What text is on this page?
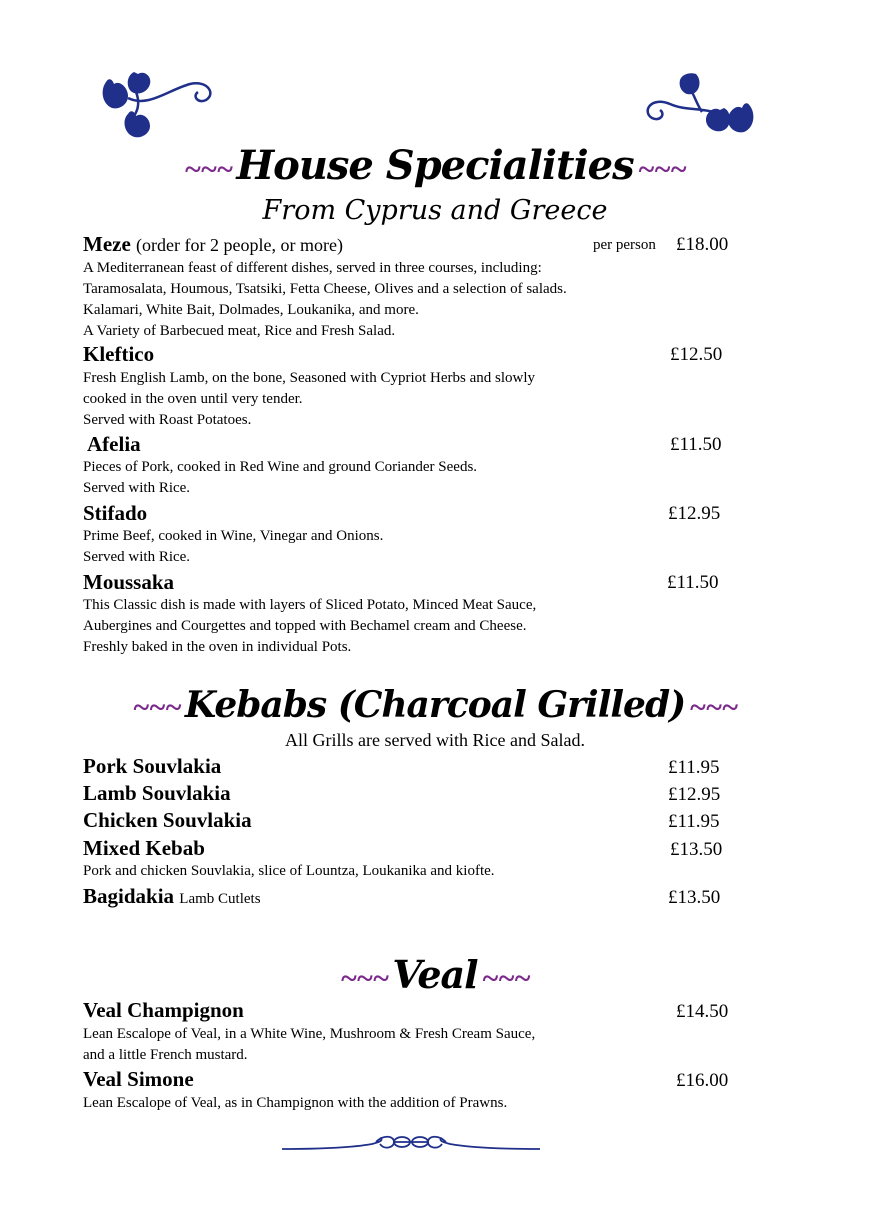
~~~ House Specialities ~~~
From Cyprus and Greece
Meze (order for 2 people, or more)	per person £18.00
A Mediterranean feast of different dishes, served in three courses, including:
Taramosalata, Houmous, Tsatsiki, Fetta Cheese, Olives and a selection of salads.
Kalamari, White Bait, Dolmades, Loukanika, and more.
A Variety of Barbecued meat, Rice and Fresh Salad.
Kleftico	£12.50
Fresh English Lamb, on the bone, Seasoned with Cypriot Herbs and slowly
cooked in the oven until very tender.
Served with Roast Potatoes.
Afelia	£11.50
Pieces of Pork, cooked in Red Wine and ground Coriander Seeds.
Served with Rice.
Stifado	£12.95
Prime Beef, cooked in Wine, Vinegar and Onions.
Served with Rice.
Moussaka	£11.50
This Classic dish is made with layers of Sliced Potato, Minced Meat Sauce,
Aubergines and Courgettes and topped with Bechamel cream and Cheese.
Freshly baked in the oven in individual Pots.
~~~ Kebabs (Charcoal Grilled) ~~~
All Grills are served with Rice and Salad.
Pork Souvlakia	£11.95
Lamb Souvlakia	£12.95
Chicken Souvlakia	£11.95
Mixed Kebab	£13.50
Pork and chicken Souvlakia, slice of Lountza, Loukanika and kiofte.
Bagidakia Lamb Cutlets	£13.50
~~~ Veal ~~~
Veal Champignon	£14.50
Lean Escalope of Veal, in a White Wine, Mushroom & Fresh Cream Sauce,
and a little French mustard.
Veal Simone	£16.00
Lean Escalope of Veal, as in Champignon with the addition of Prawns.
